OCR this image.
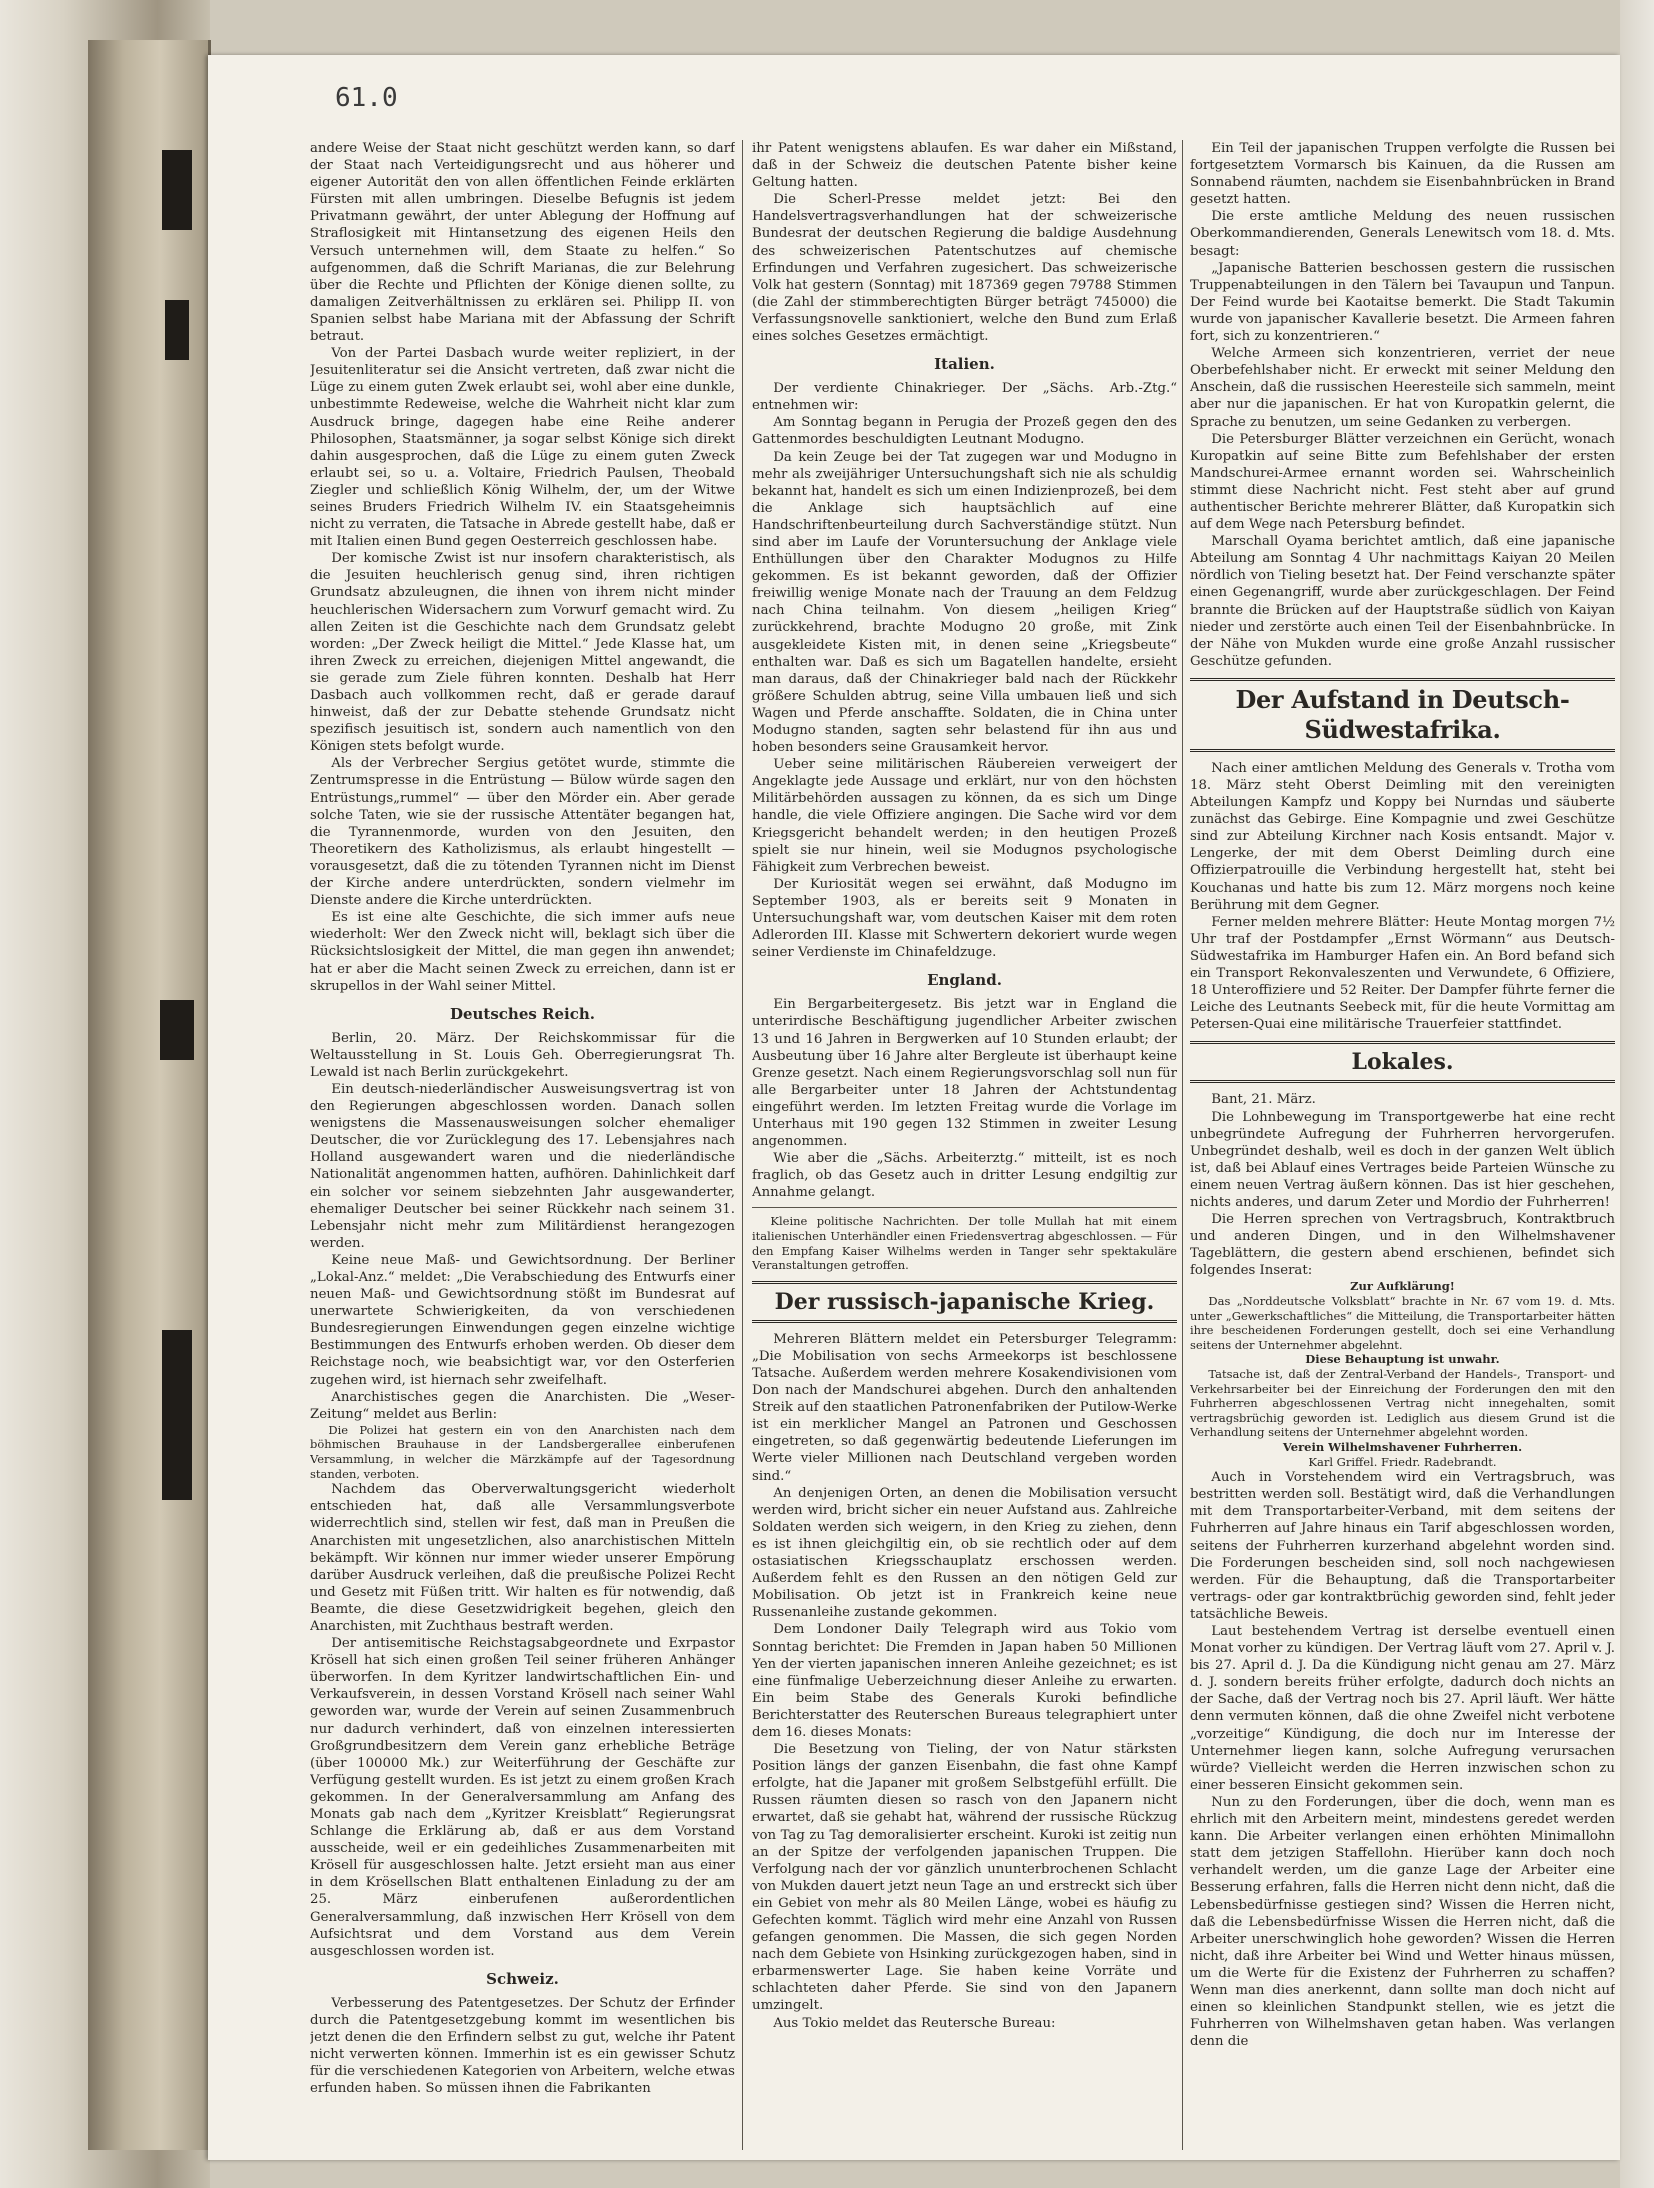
61.0

andere Weise der Staat nicht geschützt werden kann, so darf der Staat nach Verteidigungsrecht und aus höherer und eigener Autorität den von allen öffentlichen Feinde erklärten Fürsten mit allen umbringen. Dieselbe Befugnis ist jedem Privatmann gewährt, der unter Ablegung der Hoffnung auf Straflosigkeit mit Hintansetzung des eigenen Heils den Versuch unternehmen will, dem Staate zu helfen.“ So aufgenommen, daß die Schrift Marianas, die zur Belehrung über die Rechte und Pflichten der Könige dienen sollte, zu damaligen Zeitverhältnissen zu erklären sei. Philipp II. von Spanien selbst habe Mariana mit der Abfassung der Schrift betraut.

Von der Partei Dasbach wurde weiter repliziert, in der Jesuitenliteratur sei die Ansicht vertreten, daß zwar nicht die Lüge zu einem guten Zwek erlaubt sei, wohl aber eine dunkle, unbestimmte Redeweise, welche die Wahrheit nicht klar zum Ausdruck bringe, dagegen habe eine Reihe anderer Philosophen, Staatsmänner, ja sogar selbst Könige sich direkt dahin ausgesprochen, daß die Lüge zu einem guten Zweck erlaubt sei, so u. a. Voltaire, Friedrich Paulsen, Theobald Ziegler und schließlich König Wilhelm, der, um der Witwe seines Bruders Friedrich Wilhelm IV. ein Staatsgeheimnis nicht zu verraten, die Tatsache in Abrede gestellt habe, daß er mit Italien einen Bund gegen Oesterreich geschlossen habe.

Der komische Zwist ist nur insofern charakteristisch, als die Jesuiten heuchlerisch genug sind, ihren richtigen Grundsatz abzuleugnen, die ihnen von ihrem nicht minder heuchlerischen Widersachern zum Vorwurf gemacht wird. Zu allen Zeiten ist die Geschichte nach dem Grundsatz gelebt worden: „Der Zweck heiligt die Mittel.“ Jede Klasse hat, um ihren Zweck zu erreichen, diejenigen Mittel angewandt, die sie gerade zum Ziele führen konnten. Deshalb hat Herr Dasbach auch vollkommen recht, daß er gerade darauf hinweist, daß der zur Debatte stehende Grundsatz nicht spezifisch jesuitisch ist, sondern auch namentlich von den Königen stets befolgt wurde.

Als der Verbrecher Sergius getötet wurde, stimmte die Zentrumspresse in die Entrüstung — Bülow würde sagen den Entrüstungs„rummel“ — über den Mörder ein. Aber gerade solche Taten, wie sie der russische Attentäter begangen hat, die Tyrannenmorde, wurden von den Jesuiten, den Theoretikern des Katholizismus, als erlaubt hingestellt — vorausgesetzt, daß die zu tötenden Tyrannen nicht im Dienst der Kirche andere unterdrückten, sondern vielmehr im Dienste andere die Kirche unterdrückten.

Es ist eine alte Geschichte, die sich immer aufs neue wiederholt: Wer den Zweck nicht will, beklagt sich über die Rücksichtslosigkeit der Mittel, die man gegen ihn anwendet; hat er aber die Macht seinen Zweck zu erreichen, dann ist er skrupellos in der Wahl seiner Mittel.

Deutsches Reich.

Berlin, 20. März. Der Reichskommissar für die Weltausstellung in St. Louis Geh. Oberregierungsrat Th. Lewald ist nach Berlin zurückgekehrt.

Ein deutsch-niederländischer Ausweisungsvertrag ist von den Regierungen abgeschlossen worden. Danach sollen wenigstens die Massenausweisungen solcher ehemaliger Deutscher, die vor Zurücklegung des 17. Lebensjahres nach Holland ausgewandert waren und die niederländische Nationalität angenommen hatten, aufhören. Dahinlichkeit darf ein solcher vor seinem siebzehnten Jahr ausgewanderter, ehemaliger Deutscher bei seiner Rückkehr nach seinem 31. Lebensjahr nicht mehr zum Militärdienst herangezogen werden.

Keine neue Maß- und Gewichtsordnung. Der Berliner „Lokal-Anz.“ meldet: „Die Verabschiedung des Entwurfs einer neuen Maß- und Gewichtsordnung stößt im Bundesrat auf unerwartete Schwierigkeiten, da von verschiedenen Bundesregierungen Einwendungen gegen einzelne wichtige Bestimmungen des Entwurfs erhoben werden. Ob dieser dem Reichstage noch, wie beabsichtigt war, vor den Osterferien zugehen wird, ist hiernach sehr zweifelhaft.

Anarchistisches gegen die Anarchisten. Die „Weser-Zeitung“ meldet aus Berlin:

Die Polizei hat gestern ein von den Anarchisten nach dem böhmischen Brauhause in der Landsbergerallee einberufenen Versammlung, in welcher die Märzkämpfe auf der Tagesordnung standen, verboten.

Nachdem das Oberverwaltungsgericht wiederholt entschieden hat, daß alle Versammlungsverbote widerrechtlich sind, stellen wir fest, daß man in Preußen die Anarchisten mit ungesetzlichen, also anarchistischen Mitteln bekämpft. Wir können nur immer wieder unserer Empörung darüber Ausdruck verleihen, daß die preußische Polizei Recht und Gesetz mit Füßen tritt. Wir halten es für notwendig, daß Beamte, die diese Gesetzwidrigkeit begehen, gleich den Anarchisten, mit Zuchthaus bestraft werden.

Der antisemitische Reichstagsabgeordnete und Exrpastor Krösell hat sich einen großen Teil seiner früheren Anhänger überworfen. In dem Kyritzer landwirtschaftlichen Ein- und Verkaufsverein, in dessen Vorstand Krösell nach seiner Wahl geworden war, wurde der Verein auf seinen Zusammenbruch nur dadurch verhindert, daß von einzelnen interessierten Großgrundbesitzern dem Verein ganz erhebliche Beträge (über 100000 Mk.) zur Weiterführung der Geschäfte zur Verfügung gestellt wurden. Es ist jetzt zu einem großen Krach gekommen. In der Generalversammlung am Anfang des Monats gab nach dem „Kyritzer Kreisblatt“ Regierungsrat Schlange die Erklärung ab, daß er aus dem Vorstand ausscheide, weil er ein gedeihliches Zusammenarbeiten mit Krösell für ausgeschlossen halte. Jetzt ersieht man aus einer in dem Krösellschen Blatt enthaltenen Einladung zu der am 25. März einberufenen außerordentlichen Generalversammlung, daß inzwischen Herr Krösell von dem Aufsichtsrat und dem Vorstand aus dem Verein ausgeschlossen worden ist.

Schweiz.

Verbesserung des Patentgesetzes. Der Schutz der Erfinder durch die Patentgesetzgebung kommt im wesentlichen bis jetzt denen die den Erfindern selbst zu gut, welche ihr Patent nicht verwerten können. Immerhin ist es ein gewisser Schutz für die verschiedenen Kategorien von Arbeitern, welche etwas erfunden haben. So müssen ihnen die Fabrikanten

ihr Patent wenigstens ablaufen. Es war daher ein Mißstand, daß in der Schweiz die deutschen Patente bisher keine Geltung hatten.

Die Scherl-Presse meldet jetzt: Bei den Handelsvertragsverhandlungen hat der schweizerische Bundesrat der deutschen Regierung die baldige Ausdehnung des schweizerischen Patentschutzes auf chemische Erfindungen und Verfahren zugesichert. Das schweizerische Volk hat gestern (Sonntag) mit 187369 gegen 79788 Stimmen (die Zahl der stimmberechtigten Bürger beträgt 745000) die Verfassungsnovelle sanktioniert, welche den Bund zum Erlaß eines solches Gesetzes ermächtigt.

Italien.

Der verdiente Chinakrieger. Der „Sächs. Arb.-Ztg.“ entnehmen wir:

Am Sonntag begann in Perugia der Prozeß gegen den des Gattenmordes beschuldigten Leutnant Modugno.

Da kein Zeuge bei der Tat zugegen war und Modugno in mehr als zweijähriger Untersuchungshaft sich nie als schuldig bekannt hat, handelt es sich um einen Indizienprozeß, bei dem die Anklage sich hauptsächlich auf eine Handschriftenbeurteilung durch Sachverständige stützt. Nun sind aber im Laufe der Voruntersuchung der Anklage viele Enthüllungen über den Charakter Modugnos zu Hilfe gekommen. Es ist bekannt geworden, daß der Offizier freiwillig wenige Monate nach der Trauung an dem Feldzug nach China teilnahm. Von diesem „heiligen Krieg“ zurückkehrend, brachte Modugno 20 große, mit Zink ausgekleidete Kisten mit, in denen seine „Kriegsbeute“ enthalten war. Daß es sich um Bagatellen handelte, ersieht man daraus, daß der Chinakrieger bald nach der Rückkehr größere Schulden abtrug, seine Villa umbauen ließ und sich Wagen und Pferde anschaffte. Soldaten, die in China unter Modugno standen, sagten sehr belastend für ihn aus und hoben besonders seine Grausamkeit hervor.

Ueber seine militärischen Räubereien verweigert der Angeklagte jede Aussage und erklärt, nur von den höchsten Militärbehörden aussagen zu können, da es sich um Dinge handle, die viele Offiziere angingen. Die Sache wird vor dem Kriegsgericht behandelt werden; in den heutigen Prozeß spielt sie nur hinein, weil sie Modugnos psychologische Fähigkeit zum Verbrechen beweist.

Der Kuriosität wegen sei erwähnt, daß Modugno im September 1903, als er bereits seit 9 Monaten in Untersuchungshaft war, vom deutschen Kaiser mit dem roten Adlerorden III. Klasse mit Schwertern dekoriert wurde wegen seiner Verdienste im Chinafeldzuge.

England.

Ein Bergarbeitergesetz. Bis jetzt war in England die unterirdische Beschäftigung jugendlicher Arbeiter zwischen 13 und 16 Jahren in Bergwerken auf 10 Stunden erlaubt; der Ausbeutung über 16 Jahre alter Bergleute ist überhaupt keine Grenze gesetzt. Nach einem Regierungsvorschlag soll nun für alle Bergarbeiter unter 18 Jahren der Achtstundentag eingeführt werden. Im letzten Freitag wurde die Vorlage im Unterhaus mit 190 gegen 132 Stimmen in zweiter Lesung angenommen.

Wie aber die „Sächs. Arbeiterztg.“ mitteilt, ist es noch fraglich, ob das Gesetz auch in dritter Lesung endgiltig zur Annahme gelangt.

Kleine politische Nachrichten. Der tolle Mullah hat mit einem italienischen Unterhändler einen Friedensvertrag abgeschlossen. — Für den Empfang Kaiser Wilhelms werden in Tanger sehr spektakuläre Veranstaltungen getroffen.

Der russisch-japanische Krieg.

Mehreren Blättern meldet ein Petersburger Telegramm: „Die Mobilisation von sechs Armeekorps ist beschlossene Tatsache. Außerdem werden mehrere Kosakendivisionen vom Don nach der Mandschurei abgehen. Durch den anhaltenden Streik auf den staatlichen Patronenfabriken der Putilow-Werke ist ein merklicher Mangel an Patronen und Geschossen eingetreten, so daß gegenwärtig bedeutende Lieferungen im Werte vieler Millionen nach Deutschland vergeben worden sind.“

An denjenigen Orten, an denen die Mobilisation versucht werden wird, bricht sicher ein neuer Aufstand aus. Zahlreiche Soldaten werden sich weigern, in den Krieg zu ziehen, denn es ist ihnen gleichgiltig ein, ob sie rechtlich oder auf dem ostasiatischen Kriegsschauplatz erschossen werden. Außerdem fehlt es den Russen an den nötigen Geld zur Mobilisation. Ob jetzt ist in Frankreich keine neue Russenanleihe zustande gekommen.

Dem Londoner Daily Telegraph wird aus Tokio vom Sonntag berichtet: Die Fremden in Japan haben 50 Millionen Yen der vierten japanischen inneren Anleihe gezeichnet; es ist eine fünfmalige Ueberzeichnung dieser Anleihe zu erwarten. Ein beim Stabe des Generals Kuroki befindliche Berichterstatter des Reuterschen Bureaus telegraphiert unter dem 16. dieses Monats:

Die Besetzung von Tieling, der von Natur stärksten Position längs der ganzen Eisenbahn, die fast ohne Kampf erfolgte, hat die Japaner mit großem Selbstgefühl erfüllt. Die Russen räumten diesen so rasch von den Japanern nicht erwartet, daß sie gehabt hat, während der russische Rückzug von Tag zu Tag demoralisierter erscheint. Kuroki ist zeitig nun an der Spitze der verfolgenden japanischen Truppen. Die Verfolgung nach der vor gänzlich ununterbrochenen Schlacht von Mukden dauert jetzt neun Tage an und erstreckt sich über ein Gebiet von mehr als 80 Meilen Länge, wobei es häufig zu Gefechten kommt. Täglich wird mehr eine Anzahl von Russen gefangen genommen. Die Massen, die sich gegen Norden nach dem Gebiete von Hsinking zurückgezogen haben, sind in erbarmenswerter Lage. Sie haben keine Vorräte und schlachteten daher Pferde. Sie sind von den Japanern umzingelt.

Aus Tokio meldet das Reutersche Bureau:

Ein Teil der japanischen Truppen verfolgte die Russen bei fortgesetztem Vormarsch bis Kainuen, da die Russen am Sonnabend räumten, nachdem sie Eisenbahnbrücken in Brand gesetzt hatten.

Die erste amtliche Meldung des neuen russischen Oberkommandierenden, Generals Lenewitsch vom 18. d. Mts. besagt:

„Japanische Batterien beschossen gestern die russischen Truppenabteilungen in den Tälern bei Tavaupun und Tanpun. Der Feind wurde bei Kaotaitse bemerkt. Die Stadt Takumin wurde von japanischer Kavallerie besetzt. Die Armeen fahren fort, sich zu konzentrieren.“

Welche Armeen sich konzentrieren, verriet der neue Oberbefehlshaber nicht. Er erweckt mit seiner Meldung den Anschein, daß die russischen Heeresteile sich sammeln, meint aber nur die japanischen. Er hat von Kuropatkin gelernt, die Sprache zu benutzen, um seine Gedanken zu verbergen.

Die Petersburger Blätter verzeichnen ein Gerücht, wonach Kuropatkin auf seine Bitte zum Befehlshaber der ersten Mandschurei-Armee ernannt worden sei. Wahrscheinlich stimmt diese Nachricht nicht. Fest steht aber auf grund authentischer Berichte mehrerer Blätter, daß Kuropatkin sich auf dem Wege nach Petersburg befindet.

Marschall Oyama berichtet amtlich, daß eine japanische Abteilung am Sonntag 4 Uhr nachmittags Kaiyan 20 Meilen nördlich von Tieling besetzt hat. Der Feind verschanzte später einen Gegenangriff, wurde aber zurückgeschlagen. Der Feind brannte die Brücken auf der Hauptstraße südlich von Kaiyan nieder und zerstörte auch einen Teil der Eisenbahnbrücke. In der Nähe von Mukden wurde eine große Anzahl russischer Geschütze gefunden.

Der Aufstand in Deutsch-Südwestafrika.

Nach einer amtlichen Meldung des Generals v. Trotha vom 18. März steht Oberst Deimling mit den vereinigten Abteilungen Kampfz und Koppy bei Nurndas und säuberte zunächst das Gebirge. Eine Kompagnie und zwei Geschütze sind zur Abteilung Kirchner nach Kosis entsandt. Major v. Lengerke, der mit dem Oberst Deimling durch eine Offizierpatrouille die Verbindung hergestellt hat, steht bei Kouchanas und hatte bis zum 12. März morgens noch keine Berührung mit dem Gegner.

Ferner melden mehrere Blätter: Heute Montag morgen 7½ Uhr traf der Postdampfer „Ernst Wörmann“ aus Deutsch-Südwestafrika im Hamburger Hafen ein. An Bord befand sich ein Transport Rekonvaleszenten und Verwundete, 6 Offiziere, 18 Unteroffiziere und 52 Reiter. Der Dampfer führte ferner die Leiche des Leutnants Seebeck mit, für die heute Vormittag am Petersen-Quai eine militärische Trauerfeier stattfindet.

Lokales.

Bant, 21. März.

Die Lohnbewegung im Transportgewerbe hat eine recht unbegründete Aufregung der Fuhrherren hervorgerufen. Unbegründet deshalb, weil es doch in der ganzen Welt üblich ist, daß bei Ablauf eines Vertrages beide Parteien Wünsche zu einem neuen Vertrag äußern können. Das ist hier geschehen, nichts anderes, und darum Zeter und Mordio der Fuhrherren!

Die Herren sprechen von Vertragsbruch, Kontraktbruch und anderen Dingen, und in den Wilhelmshavener Tageblättern, die gestern abend erschienen, befindet sich folgendes Inserat:

Zur Aufklärung!

Das „Norddeutsche Volksblatt“ brachte in Nr. 67 vom 19. d. Mts. unter „Gewerkschaftliches“ die Mitteilung, die Transportarbeiter hätten ihre bescheidenen Forderungen gestellt, doch sei eine Verhandlung seitens der Unternehmer abgelehnt.

Diese Behauptung ist unwahr.

Tatsache ist, daß der Zentral-Verband der Handels-, Transport- und Verkehrsarbeiter bei der Einreichung der Forderungen den mit den Fuhrherren abgeschlossenen Vertrag nicht innegehalten, somit vertragsbrüchig geworden ist. Lediglich aus diesem Grund ist die Verhandlung seitens der Unternehmer abgelehnt worden.

Verein Wilhelmshavener Fuhrherren.

Karl Griffel. Friedr. Radebrandt.

Auch in Vorstehendem wird ein Vertragsbruch, was bestritten werden soll. Bestätigt wird, daß die Verhandlungen mit dem Transportarbeiter-Verband, mit dem seitens der Fuhrherren auf Jahre hinaus ein Tarif abgeschlossen worden, seitens der Fuhrherren kurzerhand abgelehnt worden sind. Die Forderungen bescheiden sind, soll noch nachgewiesen werden. Für die Behauptung, daß die Transportarbeiter vertrags- oder gar kontraktbrüchig geworden sind, fehlt jeder tatsächliche Beweis.

Laut bestehendem Vertrag ist derselbe eventuell einen Monat vorher zu kündigen. Der Vertrag läuft vom 27. April v. J. bis 27. April d. J. Da die Kündigung nicht genau am 27. März d. J. sondern bereits früher erfolgte, dadurch doch nichts an der Sache, daß der Vertrag noch bis 27. April läuft. Wer hätte denn vermuten können, daß die ohne Zweifel nicht verbotene „vorzeitige“ Kündigung, die doch nur im Interesse der Unternehmer liegen kann, solche Aufregung verursachen würde? Vielleicht werden die Herren inzwischen schon zu einer besseren Einsicht gekommen sein.

Nun zu den Forderungen, über die doch, wenn man es ehrlich mit den Arbeitern meint, mindestens geredet werden kann. Die Arbeiter verlangen einen erhöhten Minimallohn statt dem jetzigen Staffellohn. Hierüber kann doch noch verhandelt werden, um die ganze Lage der Arbeiter eine Besserung erfahren, falls die Herren nicht denn nicht, daß die Lebensbedürfnisse gestiegen sind? Wissen die Herren nicht, daß die Lebensbedürfnisse Wissen die Herren nicht, daß die Arbeiter unerschwinglich hohe geworden? Wissen die Herren nicht, daß ihre Arbeiter bei Wind und Wetter hinaus müssen, um die Werte für die Existenz der Fuhrherren zu schaffen? Wenn man dies anerkennt, dann sollte man doch nicht auf einen so kleinlichen Standpunkt stellen, wie es jetzt die Fuhrherren von Wilhelmshaven getan haben. Was verlangen denn die
